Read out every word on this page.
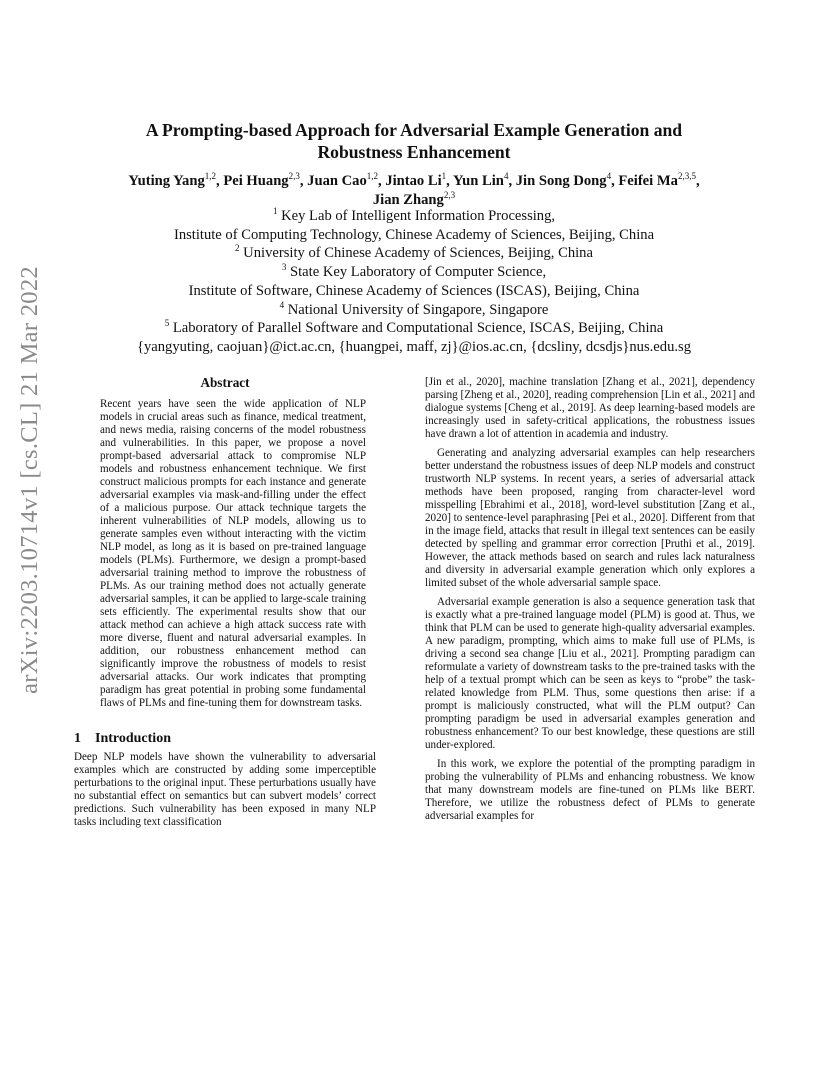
arXiv:2203.10714v1 [cs.CL] 21 Mar 2022

A Prompting-based Approach for Adversarial Example Generation and

Robustness Enhancement

Yuting Yang$^{1,2}$, Pei Huang$^{2,3}$, Juan Cao$^{1,2}$, Jintao Li$^1$, Yun Lin$^4$, Jin Song Dong$^4$, Feifei Ma$^{2,3,5}$,
Jian Zhang$^{2,3}$
$^1$ Key Lab of Intelligent Information Processing,
Institute of Computing Technology, Chinese Academy of Sciences, Beijing, China
$^2$ University of Chinese Academy of Sciences, Beijing, China
$^3$ State Key Laboratory of Computer Science,
Institute of Software, Chinese Academy of Sciences (ISCAS), Beijing, China
$^4$ National University of Singapore, Singapore
$^5$ Laboratory of Parallel Software and Computational Science, ISCAS, Beijing, China
{yangyuting, caojuan}@ict.ac.cn, {huangpei, maff, zj}@ios.ac.cn, {dcsliny, dcsdjs}nus.edu.sg
Abstract
Recent years have seen the wide application of NLP models in crucial areas such as finance, medical treatment, and news media, raising concerns of the model robustness and vulnerabilities. In this paper, we propose a novel prompt-based adversarial attack to compromise NLP models and robustness enhancement technique. We first construct malicious prompts for each instance and generate adversarial examples via mask-and-filling under the effect of a malicious purpose. Our attack technique targets the inherent vulnerabilities of NLP models, allowing us to generate samples even without interacting with the victim NLP model, as long as it is based on pre-trained language models (PLMs). Furthermore, we design a prompt-based adversarial training method to improve the robustness of PLMs. As our training method does not actually generate adversarial samples, it can be applied to large-scale training sets efficiently. The experimental results show that our attack method can achieve a high attack success rate with more diverse, fluent and natural adversarial examples. In addition, our robustness enhancement method can significantly improve the robustness of models to resist adversarial attacks. Our work indicates that prompting paradigm has great potential in probing some fundamental flaws of PLMs and fine-tuning them for downstream tasks.
1 Introduction

Deep NLP models have shown the vulnerability to adversarial examples which are constructed by adding some imperceptible perturbations to the original input. These perturbations usually have no substantial effect on semantics but can subvert models’ correct predictions. Such vulnerability has been exposed in many NLP tasks including text classification

[Jin et al., 2020], machine translation [Zhang et al., 2021], dependency parsing [Zheng et al., 2020], reading comprehension [Lin et al., 2021] and dialogue systems [Cheng et al., 2019]. As deep learning-based models are increasingly used in safety-critical applications, the robustness issues have drawn a lot of attention in academia and industry.

Generating and analyzing adversarial examples can help researchers better understand the robustness issues of deep NLP models and construct trustworth NLP systems. In recent years, a series of adversarial attack methods have been proposed, ranging from character-level word misspelling [Ebrahimi et al., 2018], word-level substitution [Zang et al., 2020] to sentence-level paraphrasing [Pei et al., 2020]. Different from that in the image field, attacks that result in illegal text sentences can be easily detected by spelling and grammar error correction [Pruthi et al., 2019]. However, the attack methods based on search and rules lack naturalness and diversity in adversarial example generation which only explores a limited subset of the whole adversarial sample space.

Adversarial example generation is also a sequence generation task that is exactly what a pre-trained language model (PLM) is good at. Thus, we think that PLM can be used to generate high-quality adversarial examples. A new paradigm, prompting, which aims to make full use of PLMs, is driving a second sea change [Liu et al., 2021]. Prompting paradigm can reformulate a variety of downstream tasks to the pre-trained tasks with the help of a textual prompt which can be seen as keys to “probe” the task-related knowledge from PLM. Thus, some questions then arise: if a prompt is maliciously constructed, what will the PLM output? Can prompting paradigm be used in adversarial examples generation and robustness enhancement? To our best knowledge, these questions are still under-explored.

In this work, we explore the potential of the prompting paradigm in probing the vulnerability of PLMs and enhancing robustness. We know that many downstream models are fine-tuned on PLMs like BERT. Therefore, we utilize the robustness defect of PLMs to generate adversarial examples for
